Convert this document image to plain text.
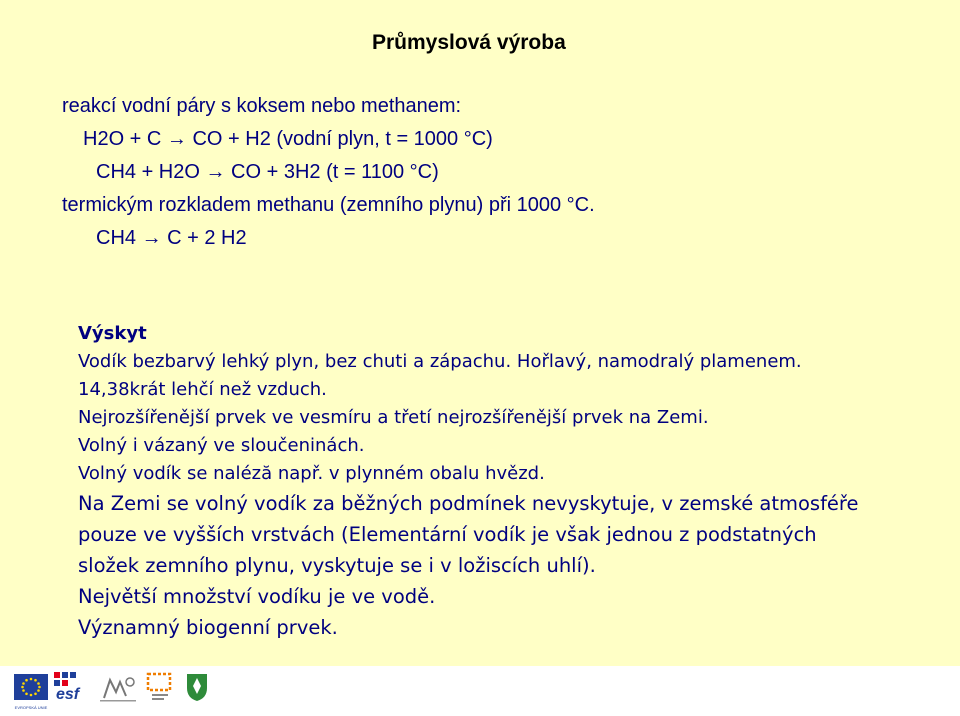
Průmyslová výroba
reakcí vodní páry s koksem nebo methanem:
H2O + C → CO + H2 (vodní plyn, t = 1000 °C)
CH4 + H2O → CO + 3H2 (t = 1100 °C)
termickým rozkladem methanu (zemního plynu) při 1000 °C.
CH4 → C + 2 H2
Výskyt
Vodík bezbarvý lehký plyn, bez chuti a zápachu. Hořlavý, namodralý plamenem.
14,38krát lehčí než vzduch.
Nejrozšířenější prvek ve vesmíru a třetí nejrozšířenější prvek na Zemi.
Volný i vázaný ve sloučeninách.
Volný vodík se naléză např. v plynném obalu hvězd.
Na Zemi se volný vodík za běžných podmínek nevyskytuje, v zemské atmosféře
pouze ve vyšších vrstvách (Elementární vodík je však jednou z podstatných
složek zemního plynu, vyskytuje se i v ložiscích uhlí).
Největší množství vodíku je ve vodě.
Významný biogenní prvek.
EVROPSKÁ UNIE
esf
